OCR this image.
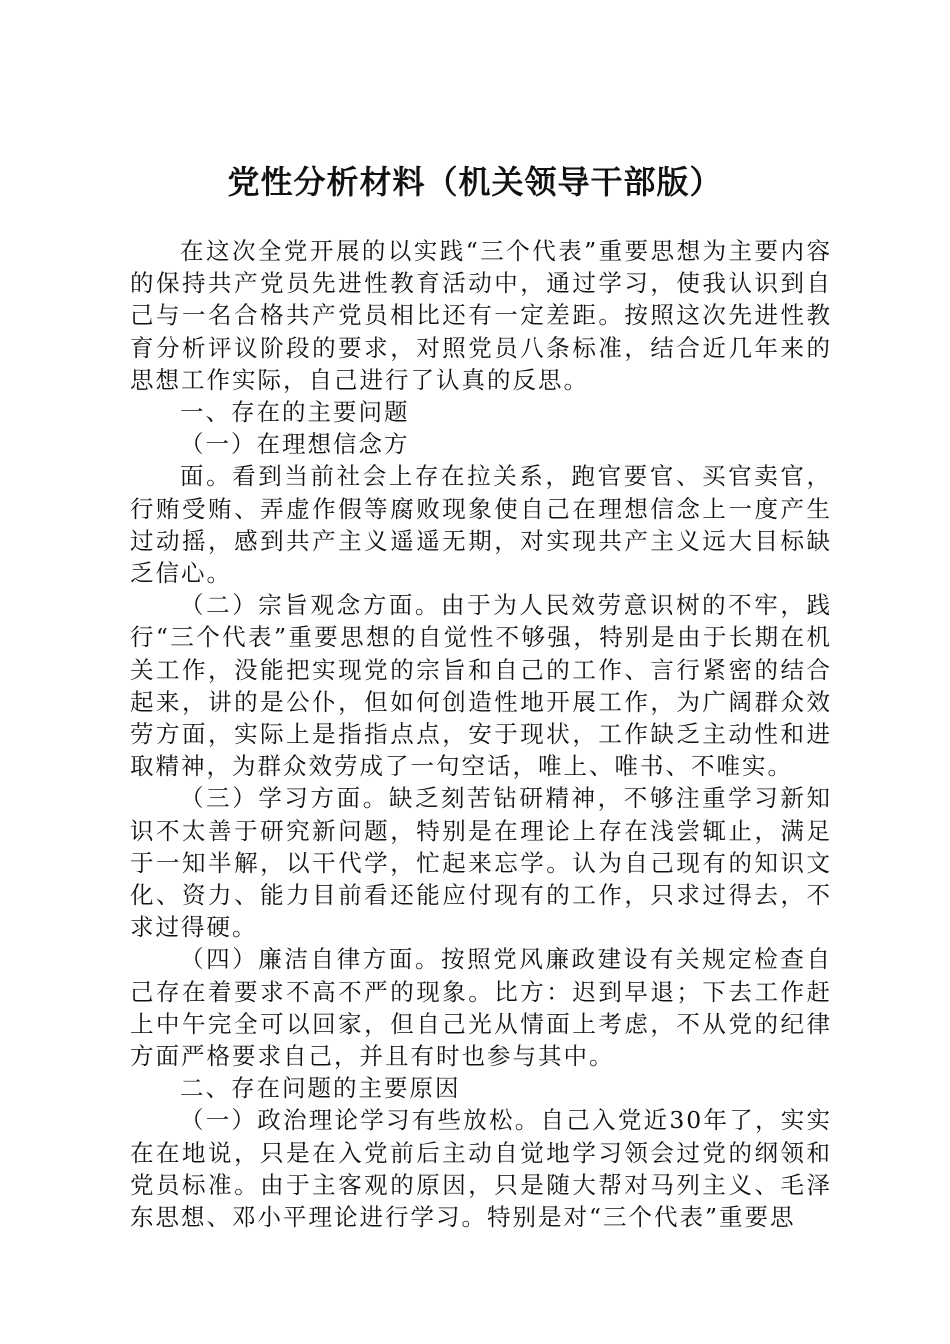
党性分析材料（机关领导干部版）

在这次全党开展的以实践“三个代表”重要思想为主要内容的保持共产党员先进性教育活动中，通过学习，使我认识到自己与一名合格共产党员相比还有一定差距。按照这次先进性教育分析评议阶段的要求，对照党员八条标准，结合近几年来的思想工作实际，自己进行了认真的反思。

一、存在的主要问题

（一）在理想信念方

面。看到当前社会上存在拉关系，跑官要官、买官卖官，行贿受贿、弄虚作假等腐败现象使自己在理想信念上一度产生过动摇，感到共产主义遥遥无期，对实现共产主义远大目标缺乏信心。

（二）宗旨观念方面。由于为人民效劳意识树的不牢，践行“三个代表”重要思想的自觉性不够强，特别是由于长期在机关工作，没能把实现党的宗旨和自己的工作、言行紧密的结合起来，讲的是公仆，但如何创造性地开展工作，为广阔群众效劳方面，实际上是指指点点，安于现状，工作缺乏主动性和进取精神，为群众效劳成了一句空话，唯上、唯书、不唯实。

（三）学习方面。缺乏刻苦钻研精神，不够注重学习新知识不太善于研究新问题，特别是在理论上存在浅尝辄止，满足于一知半解，以干代学，忙起来忘学。认为自己现有的知识文化、资力、能力目前看还能应付现有的工作，只求过得去，不求过得硬。

（四）廉洁自律方面。按照党风廉政建设有关规定检查自己存在着要求不高不严的现象。比方：迟到早退；下去工作赶上中午完全可以回家，但自己光从情面上考虑，不从党的纪律方面严格要求自己，并且有时也参与其中。

二、存在问题的主要原因

（一）政治理论学习有些放松。自己入党近30年了，实实在在地说，只是在入党前后主动自觉地学习领会过党的纲领和党员标准。由于主客观的原因，只是随大帮对马列主义、毛泽东思想、邓小平理论进行学习。特别是对“三个代表”重要思
